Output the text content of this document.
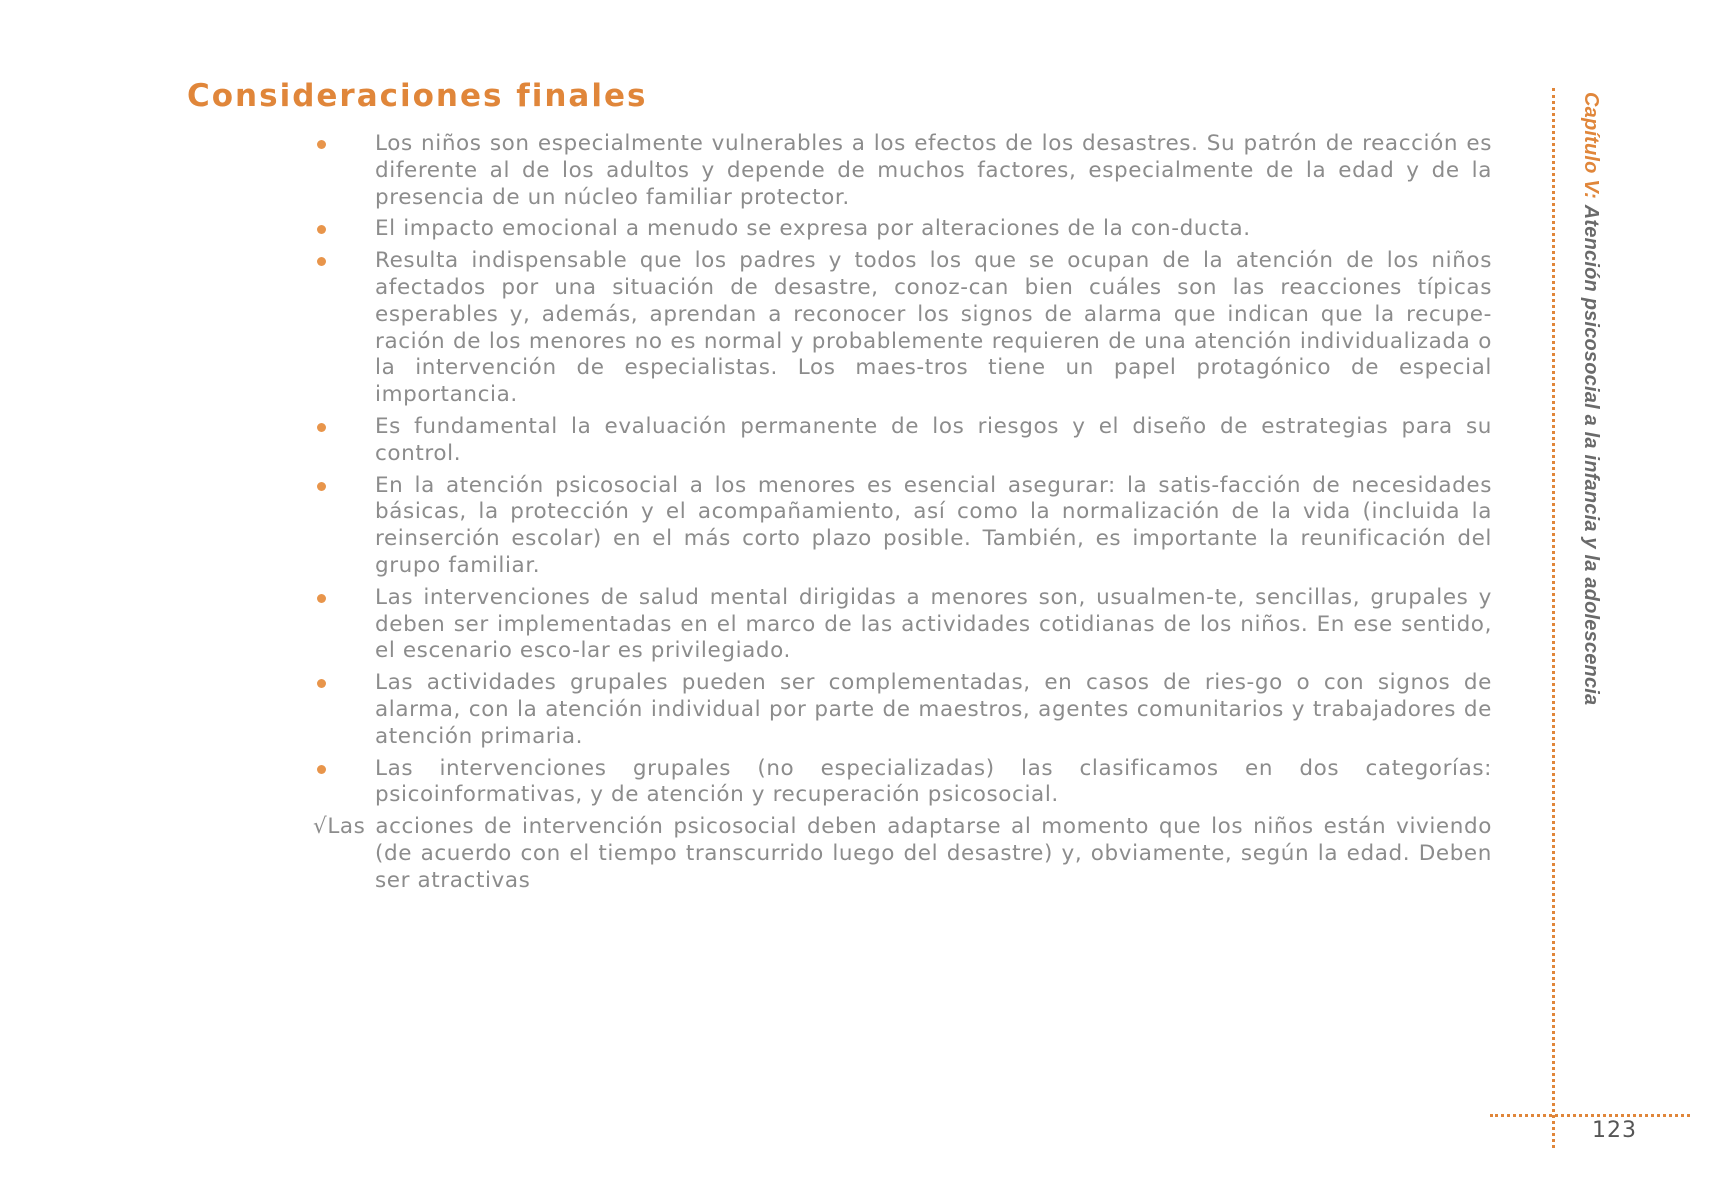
Consideraciones finales
Los niños son especialmente vulnerables a los efectos de los desastres. Su patrón de reacción es diferente al de los adultos y depende de muchos factores, especialmente de la edad y de la presencia de un núcleo familiar protector.
El impacto emocional a menudo se expresa por alteraciones de la con-ducta.
Resulta indispensable que los padres y todos los que se ocupan de la atención de los niños afectados por una situación de desastre, conoz-can bien cuáles son las reacciones típicas esperables y, además, aprendan a reconocer los signos de alarma que indican que la recupe-ración de los menores no es normal y probablemente requieren de una atención individualizada o la intervención de especialistas. Los maes-tros tiene un papel protagónico de especial importancia.
Es fundamental la evaluación permanente de los riesgos y el diseño de estrategias para su control.
En la atención psicosocial a los menores es esencial asegurar: la satis-facción de necesidades básicas, la protección y el acompañamiento, así como la normalización de la vida (incluida la reinserción escolar) en el más corto plazo posible. También, es importante la reunificación del grupo familiar.
Las intervenciones de salud mental dirigidas a menores son, usualmen-te, sencillas, grupales y deben ser implementadas en el marco de las actividades cotidianas de los niños. En ese sentido, el escenario esco-lar es privilegiado.
Las actividades grupales pueden ser complementadas, en casos de ries-go o con signos de alarma, con la atención individual por parte de maestros, agentes comunitarios y trabajadores de atención primaria.
Las intervenciones grupales (no especializadas) las clasificamos en dos categorías: psicoinformativas, y de atención y recuperación psicosocial.
√Las acciones de intervención psicosocial deben adaptarse al momento que los niños están viviendo (de acuerdo con el tiempo transcurrido luego del desastre) y, obviamente, según la edad. Deben ser atractivas
Capítulo V: Atención psicosocial a la infancia y la adolescencia
123
